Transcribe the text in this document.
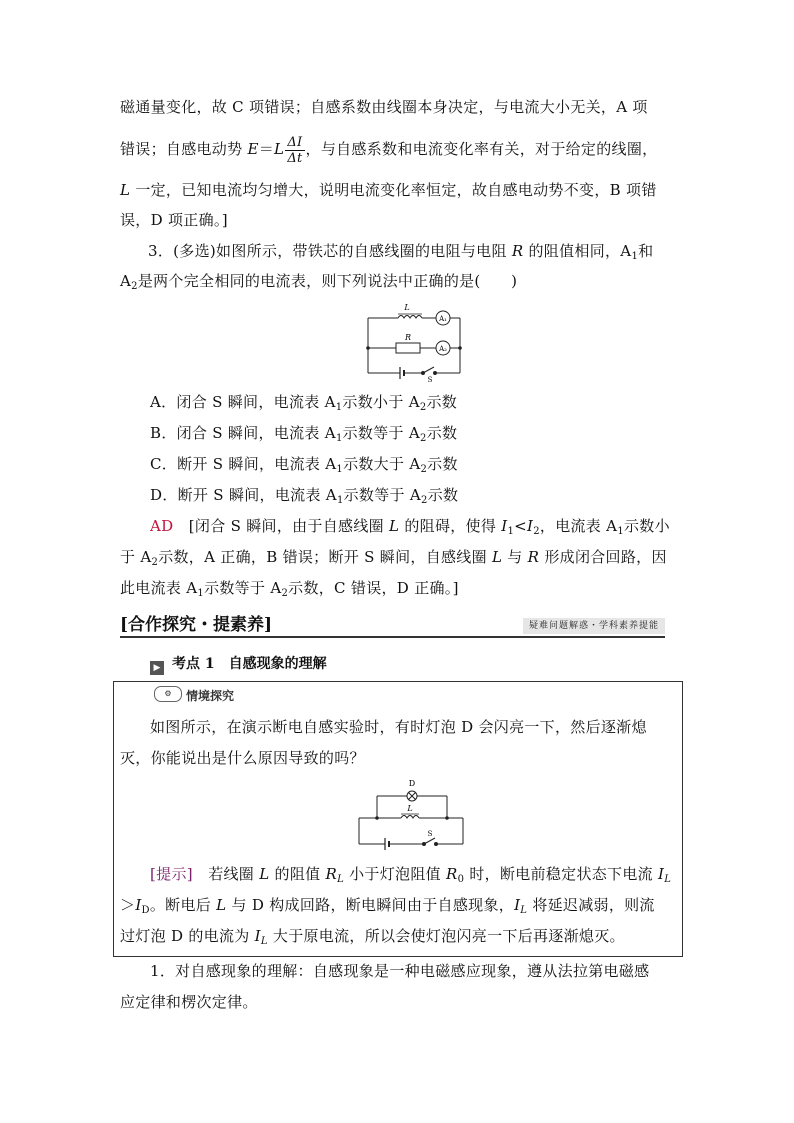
磁通量变化，故 C 项错误；自感系数由线圈本身决定，与电流大小无关，A 项
错误；自感电动势 $E=L \frac{\Delta I}{\Delta t}$ ，与自感系数和电流变化率有关，对于给定的线圈，
L 一定，已知电流均匀增大，说明电流变化率恒定，故自感电动势不变，B 项错
误，D 项正确。]
3．(多选)如图所示，带铁芯的自感线圈的电阻与电阻 R 的阻值相同，$A_1$和
$A_2$是两个完全相同的电流表，则下列说法中正确的是(　　)
L
R
A₁
A₂
S
A．闭合 S 瞬间，电流表 $A_1$示数小于 $A_2$示数
B．闭合 S 瞬间，电流表 $A_1$示数等于 $A_2$示数
C．断开 S 瞬间，电流表 $A_1$示数大于 $A_2$示数
D．断开 S 瞬间，电流表 $A_1$示数等于 $A_2$示数
AD　[闭合 S 瞬间，由于自感线圈 L 的阻碍，使得 $I_1<I_2$，电流表 $A_1$示数小
于 $A_2$示数，A 正确，B 错误；断开 S 瞬间，自感线圈 L 与 R 形成闭合回路，因
此电流表 $A_1$示数等于 $A_2$示数，C 错误，D 正确。]
[合作探究・提素养]	疑难问题解惑・学科素养提能
▶ 考点 1　自感现象的理解
⚙	情境探究
如图所示，在演示断电自感实验时，有时灯泡 D 会闪亮一下，然后逐渐熄
灭，你能说出是什么原因导致的吗？
D
L
S
[提示]　若线圈 L 的阻值 $R_L$ 小于灯泡阻值 $R_0$ 时，断电前稳定状态下电流 $I_L$
$>I_D$。断电后 L 与 D 构成回路，断电瞬间由于自感现象，$I_L$ 将延迟减弱，则流
过灯泡 D 的电流为 $I_L$ 大于原电流，所以会使灯泡闪亮一下后再逐渐熄灭。
1．对自感现象的理解：自感现象是一种电磁感应现象，遵从法拉第电磁感
应定律和楞次定律。
